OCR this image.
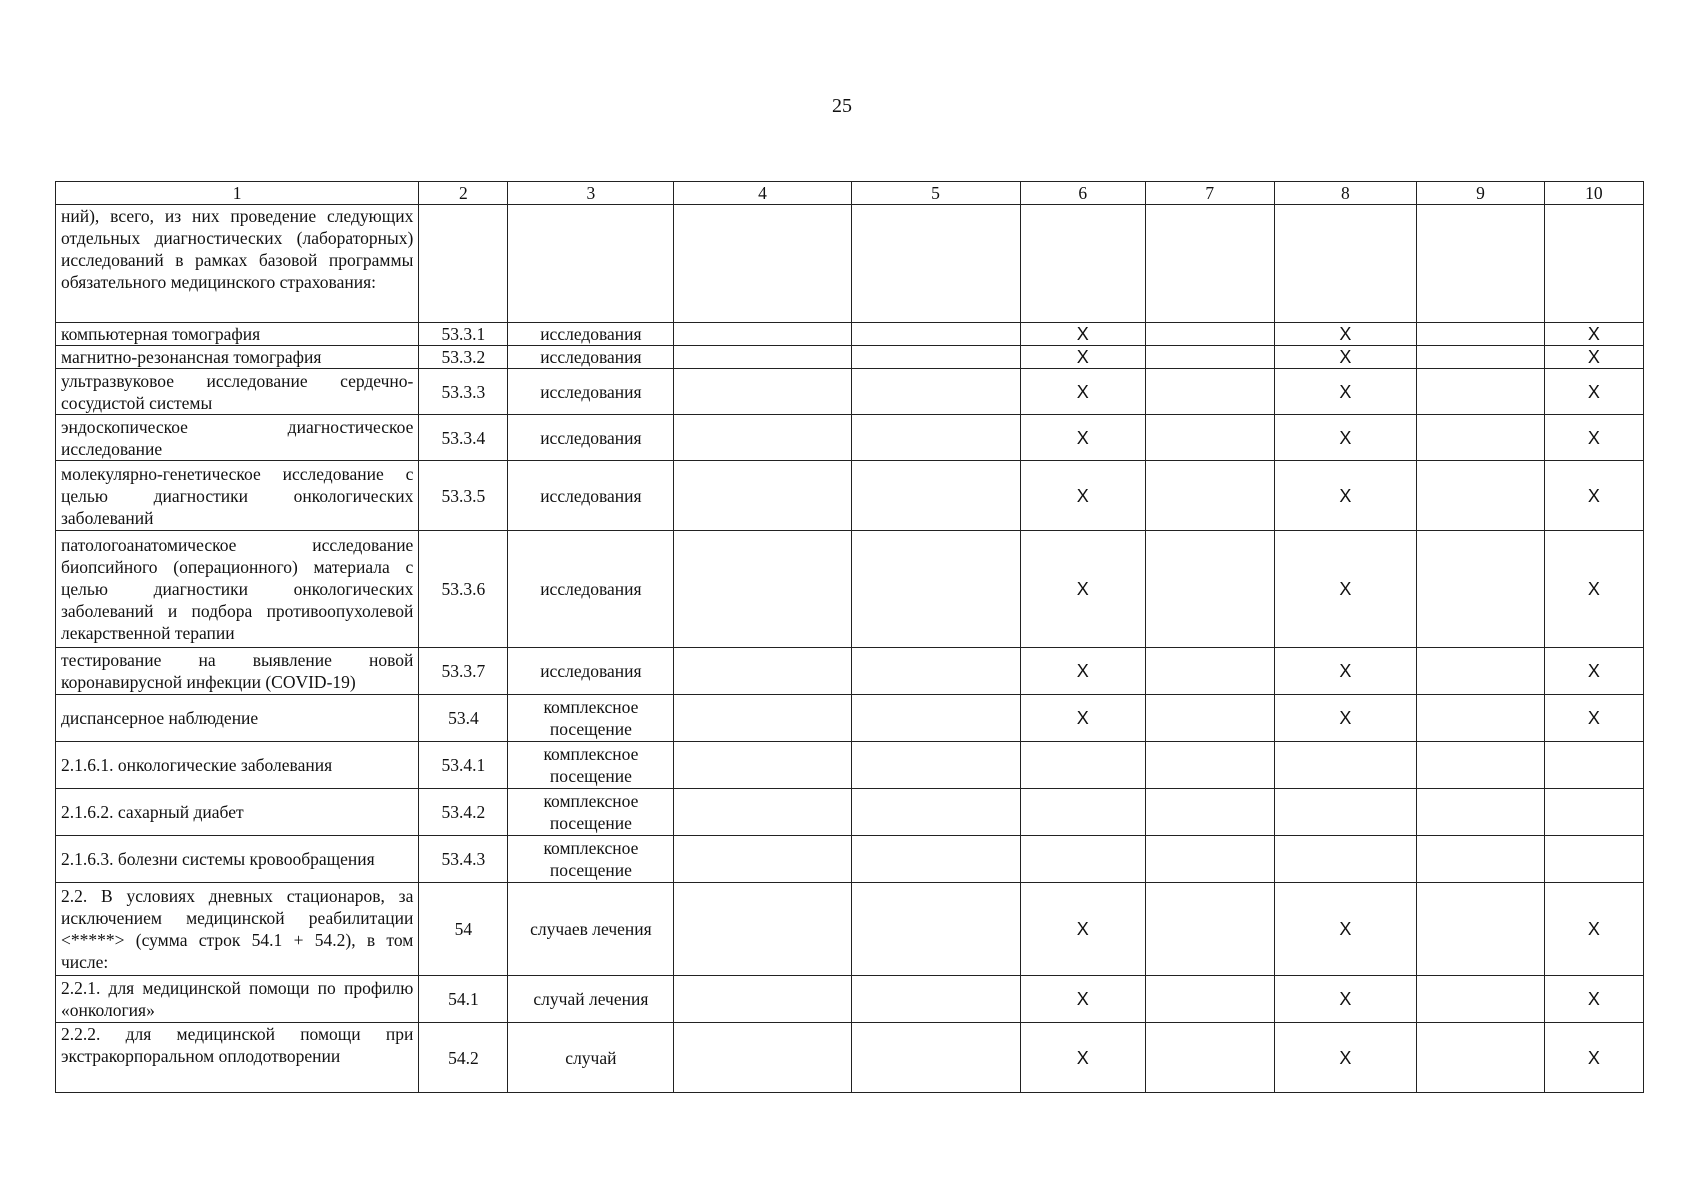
25
1	2	3	4	5	6	7	8	9	10
ний), всего, из них проведение следующих отдельных диагностических (лабораторных) исследований в рамках базовой программы обязательного медицинского страхования:									
компьютерная томография	53.3.1	исследования			Х		Х		Х
магнитно-резонансная томография	53.3.2	исследования			Х		Х		Х
ультразвуковое исследование сердечно-сосудистой системы	53.3.3	исследования			Х		Х		Х
эндоскопическое диагностическое исследование	53.3.4	исследования			Х		Х		Х
молекулярно-генетическое исследование с целью диагностики онкологических заболеваний	53.3.5	исследования			Х		Х		Х
патологоанатомическое исследование биопсийного (операционного) материала с целью диагностики онкологических заболеваний и подбора противоопухолевой лекарственной терапии	53.3.6	исследования			Х		Х		Х
тестирование на выявление новой коронавирусной инфекции (COVID-19)	53.3.7	исследования			Х		Х		Х
диспансерное наблюдение	53.4	комплексное посещение			Х		Х		Х
2.1.6.1. онкологические заболевания	53.4.1	комплексное посещение							
2.1.6.2. сахарный диабет	53.4.2	комплексное посещение							
2.1.6.3. болезни системы кровообращения	53.4.3	комплексное посещение							
2.2. В условиях дневных стационаров, за исключением медицинской реабилитации <*****> (сумма строк 54.1 + 54.2), в том числе:	54	случаев лечения			Х		Х		Х
2.2.1. для медицинской помощи по профилю «онкология»	54.1	случай лечения			Х		Х		Х
2.2.2. для медицинской помощи при экстракорпоральном оплодотворении	54.2	случай			Х		Х		Х
